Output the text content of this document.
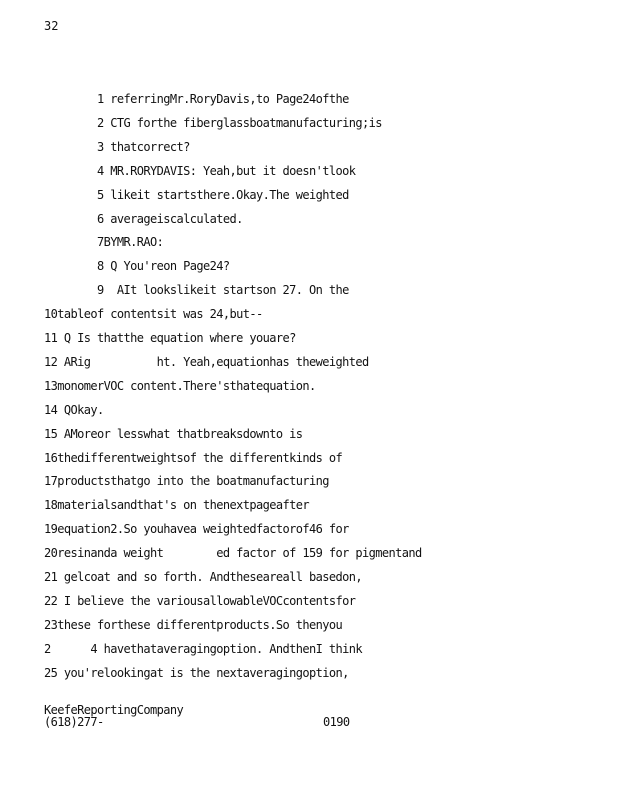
32
1 referringMr.RoryDavis,to Page24ofthe
2 CTG forthe fiberglassboatmanufacturing;is
3 thatcorrect?
4 MR.RORYDAVIS: Yeah,but it doesn'tlook
5 likeit startsthere.Okay.The weighted
6 averageiscalculated.
7BYMR.RAO:
8 Q You'reon Page24?
9  AIt lookslikeit startson 27. On the
10tableof contentsit was 24,but--
11 Q Is thatthe equation where youare?
12 ARig          ht. Yeah,equationhas theweighted
13monomerVOC content.There'sthatequation.
14 QOkay.
15 AMoreor lesswhat thatbreaksdownto is
16thedifferentweightsof the differentkinds of
17productsthatgo into the boatmanufacturing
18materialsandthat's on thenextpageafter
19equation2.So youhavea weightedfactorof46 for
20resinanda weight        ed factor of 159 for pigmentand
21 gelcoat and so forth. Andtheseareall basedon,
22 I believe the variousallowableVOCcontentsfor
23these forthese differentproducts.So thenyou
2      4 havethataveragingoption. AndthenI think
25 you'relookingat is the nextaveragingoption,
KeefeReportingCompany
(618)277-	0190
